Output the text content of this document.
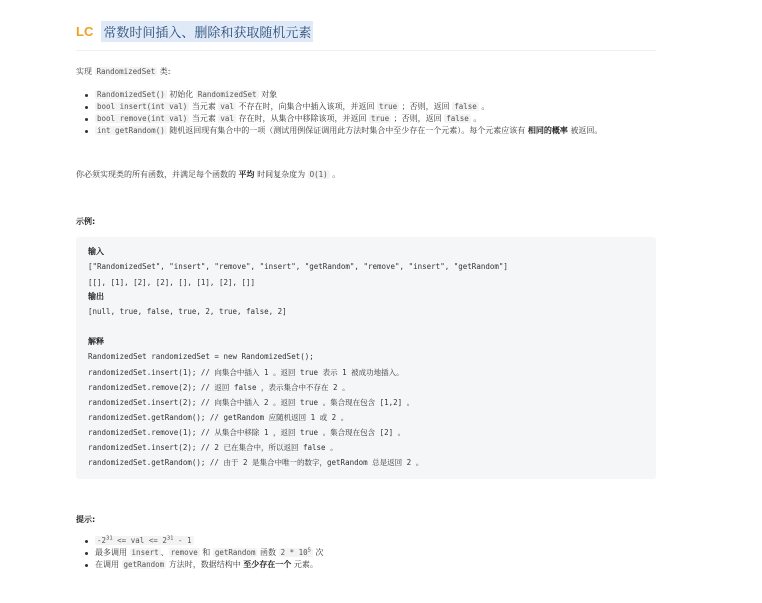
LC 常数时间插入、删除和获取随机元素
实现 RandomizedSet 类:
RandomizedSet() 初始化 RandomizedSet 对象
bool insert(int val) 当元素 val 不存在时，向集合中插入该项，并返回 true ；否则，返回 false 。
bool remove(int val) 当元素 val 存在时，从集合中移除该项，并返回 true ；否则，返回 false 。
int getRandom() 随机返回现有集合中的一项（测试用例保证调用此方法时集合中至少存在一个元素）。每个元素应该有 相同的概率 被返回。
你必须实现类的所有函数，并满足每个函数的 平均 时间复杂度为 O(1) 。
示例:
输入
["RandomizedSet", "insert", "remove", "insert", "getRandom", "remove", "insert", "getRandom"]
[[], [1], [2], [2], [], [1], [2], []]
输出
[null, true, false, true, 2, true, false, 2]
解释
RandomizedSet randomizedSet = new RandomizedSet();
randomizedSet.insert(1); // 向集合中插入 1 。返回 true 表示 1 被成功地插入。
randomizedSet.remove(2); // 返回 false ，表示集合中不存在 2 。
randomizedSet.insert(2); // 向集合中插入 2 。返回 true 。集合现在包含 [1,2] 。
randomizedSet.getRandom(); // getRandom 应随机返回 1 或 2 。
randomizedSet.remove(1); // 从集合中移除 1 ，返回 true 。集合现在包含 [2] 。
randomizedSet.insert(2); // 2 已在集合中，所以返回 false 。
randomizedSet.getRandom(); // 由于 2 是集合中唯一的数字，getRandom 总是返回 2 。
提示:
$-2^{31}$ <= val <= $2^{31} - 1$
最多调用 insert 、 remove 和 getRandom 函数 $2 * 10^5$ 次
在调用 getRandom 方法时，数据结构中 至少存在一个 元素。
